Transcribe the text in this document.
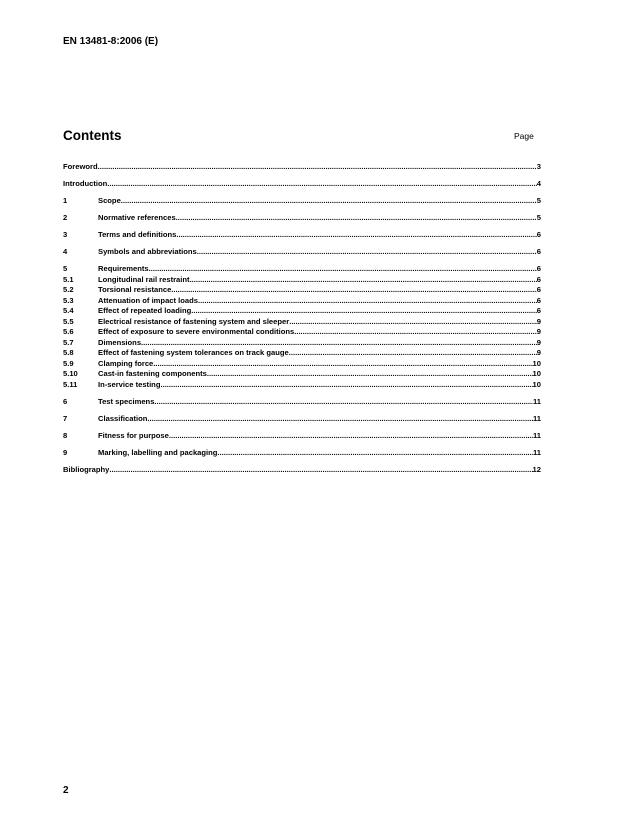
EN 13481-8:2006 (E)
Contents	Page
Foreword .....	3
Introduction .....	4
1	Scope .....	5
2	Normative references .....	5
3	Terms and definitions .....	6
4	Symbols and abbreviations .....	6
5	Requirements .....	6
5.1	Longitudinal rail restraint .....	6
5.2	Torsional resistance .....	6
5.3	Attenuation of impact loads .....	6
5.4	Effect of repeated loading .....	6
5.5	Electrical resistance of fastening system and sleeper .....	9
5.6	Effect of exposure to severe environmental conditions .....	9
5.7	Dimensions .....	9
5.8	Effect of fastening system tolerances on track gauge .....	9
5.9	Clamping force .....	10
5.10	Cast-in fastening components .....	10
5.11	In-service testing .....	10
6	Test specimens .....	11
7	Classification .....	11
8	Fitness for purpose .....	11
9	Marking, labelling and packaging .....	11
Bibliography .....	12
2
